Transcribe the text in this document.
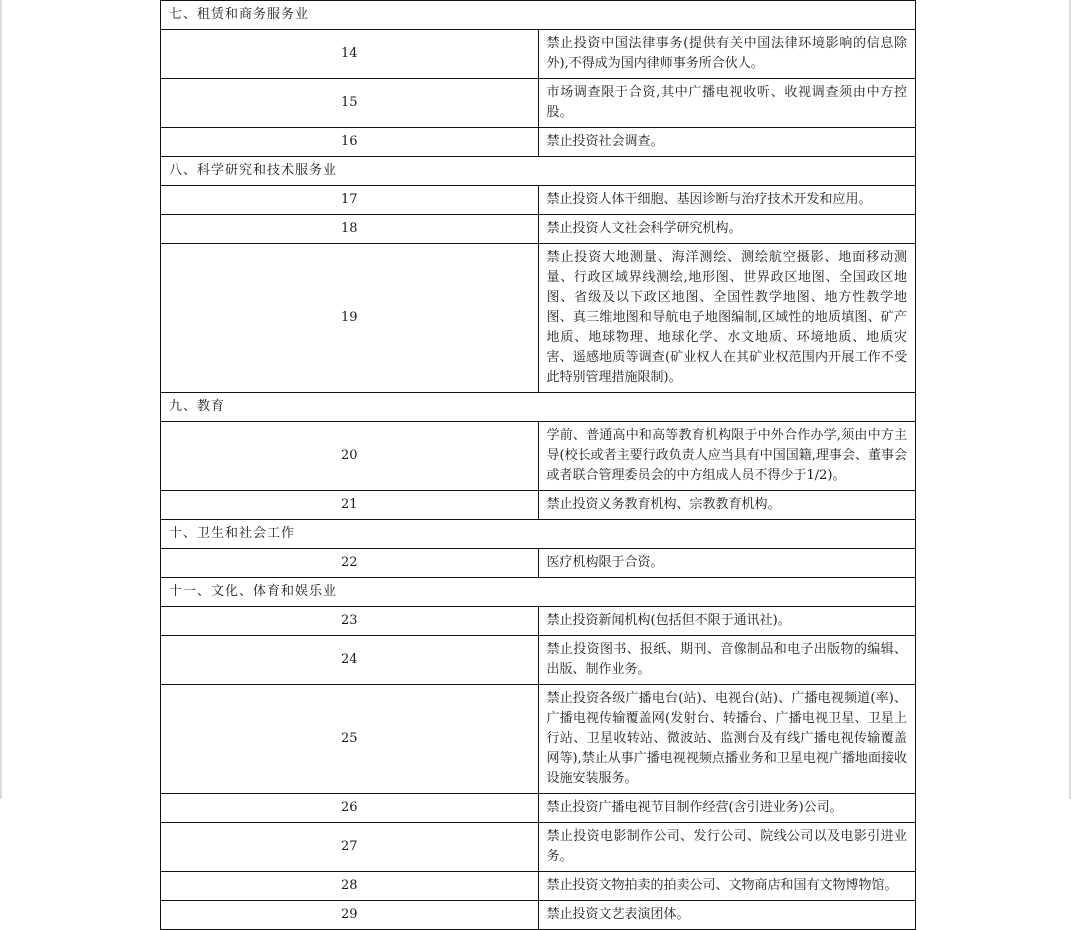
七、租赁和商务服务业	
14	禁止投资中国法律事务(提供有关中国法律环境影响的信息除外),不得成为国内律师事务所合伙人。
15	市场调查限于合资,其中广播电视收听、收视调查须由中方控股。
16	禁止投资社会调查。
八、科学研究和技术服务业	
17	禁止投资人体干细胞、基因诊断与治疗技术开发和应用。
18	禁止投资人文社会科学研究机构。
19	禁止投资大地测量、海洋测绘、测绘航空摄影、地面移动测量、行政区域界线测绘,地形图、世界政区地图、全国政区地图、省级及以下政区地图、全国性教学地图、地方性教学地图、真三维地图和导航电子地图编制,区域性的地质填图、矿产地质、地球物理、地球化学、水文地质、环境地质、地质灾害、遥感地质等调查(矿业权人在其矿业权范围内开展工作不受此特别管理措施限制)。
九、教育	
20	学前、普通高中和高等教育机构限于中外合作办学,须由中方主导(校长或者主要行政负责人应当具有中国国籍,理事会、董事会或者联合管理委员会的中方组成人员不得少于1/2)。
21	禁止投资义务教育机构、宗教教育机构。
十、卫生和社会工作	
22	医疗机构限于合资。
十一、文化、体育和娱乐业	
23	禁止投资新闻机构(包括但不限于通讯社)。
24	禁止投资图书、报纸、期刊、音像制品和电子出版物的编辑、出版、制作业务。
25	禁止投资各级广播电台(站)、电视台(站)、广播电视频道(率)、广播电视传输覆盖网(发射台、转播台、广播电视卫星、卫星上行站、卫星收转站、微波站、监测台及有线广播电视传输覆盖网等),禁止从事广播电视视频点播业务和卫星电视广播地面接收设施安装服务。
26	禁止投资广播电视节目制作经营(含引进业务)公司。
27	禁止投资电影制作公司、发行公司、院线公司以及电影引进业务。
28	禁止投资文物拍卖的拍卖公司、文物商店和国有文物博物馆。
29	禁止投资文艺表演团体。
